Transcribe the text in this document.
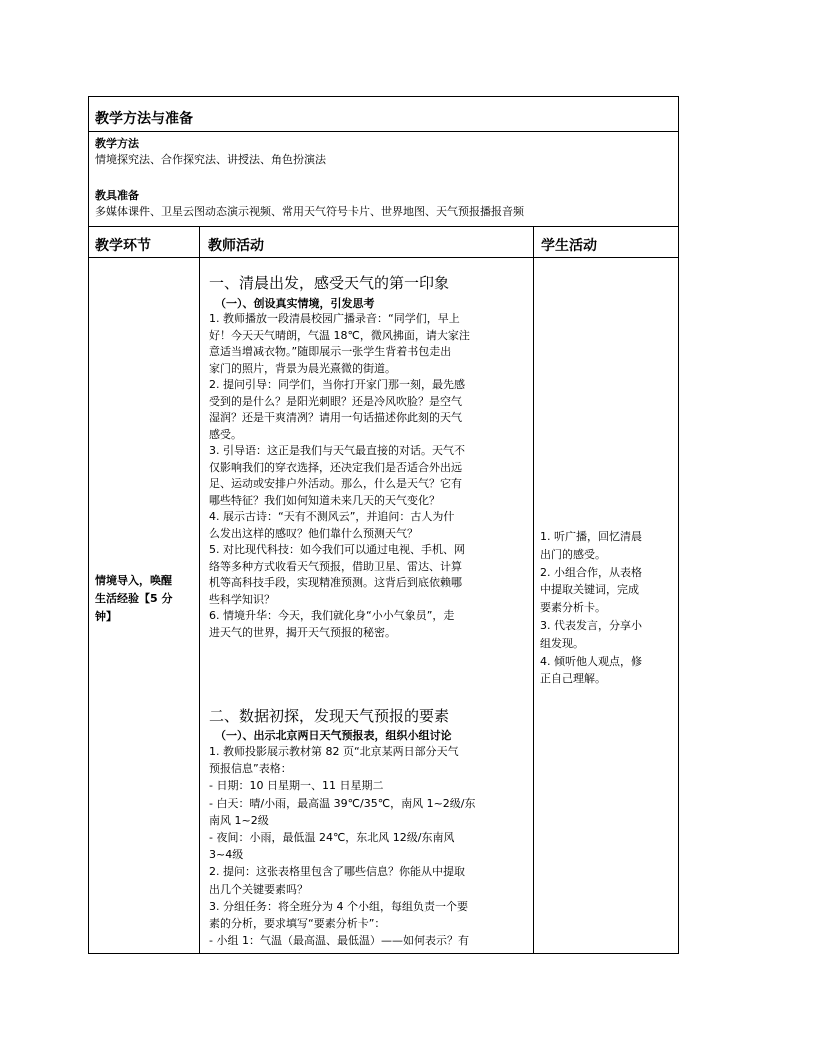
教学方法与准备
教学方法
情境探究法、合作探究法、讲授法、角色扮演法
教具准备
多媒体课件、卫星云图动态演示视频、常用天气符号卡片、世界地图、天气预报播报音频
教学环节	教师活动	学生活动
情境导入，唤醒
生活经验【5 分
钟】
一、清晨出发，感受天气的第一印象
（一）、创设真实情境，引发思考
1. 教师播放一段清晨校园广播录音：“同学们，早上
好！今天天气晴朗，气温 18℃，微风拂面，请大家注
意适当增减衣物。”随即展示一张学生背着书包走出
家门的照片，背景为晨光熹微的街道。
2. 提问引导：同学们，当你打开家门那一刻，最先感
受到的是什么？是阳光刺眼？还是冷风吹脸？是空气
湿润？还是干爽清冽？请用一句话描述你此刻的天气
感受。
3. 引导语：这正是我们与天气最直接的对话。天气不
仅影响我们的穿衣选择，还决定我们是否适合外出远
足、运动或安排户外活动。那么，什么是天气？它有
哪些特征？我们如何知道未来几天的天气变化？
4. 展示古诗：“天有不测风云”，并追问：古人为什
么发出这样的感叹？他们靠什么预测天气？
5. 对比现代科技：如今我们可以通过电视、手机、网
络等多种方式收看天气预报，借助卫星、雷达、计算
机等高科技手段，实现精准预测。这背后到底依赖哪
些科学知识？
6. 情境升华：今天，我们就化身“小小气象员”，走
进天气的世界，揭开天气预报的秘密。
二、数据初探，发现天气预报的要素
（一）、出示北京两日天气预报表，组织小组讨论
1. 教师投影展示教材第 82 页“北京某两日部分天气
预报信息”表格：
- 日期：10 日星期一、11 日星期二
- 白天：晴/小雨，最高温 39℃/35℃，南风 1~2级/东
南风 1~2级
- 夜间：小雨，最低温 24℃，东北风 12级/东南风
3~4级
2. 提问：这张表格里包含了哪些信息？你能从中提取
出几个关键要素吗？
3. 分组任务：将全班分为 4 个小组，每组负责一个要
素的分析，要求填写“要素分析卡”：
- 小组 1：气温（最高温、最低温）——如何表示？有
1. 听广播，回忆清晨
出门的感受。
2. 小组合作，从表格
中提取关键词，完成
要素分析卡。
3. 代表发言，分享小
组发现。
4. 倾听他人观点，修
正自己理解。
